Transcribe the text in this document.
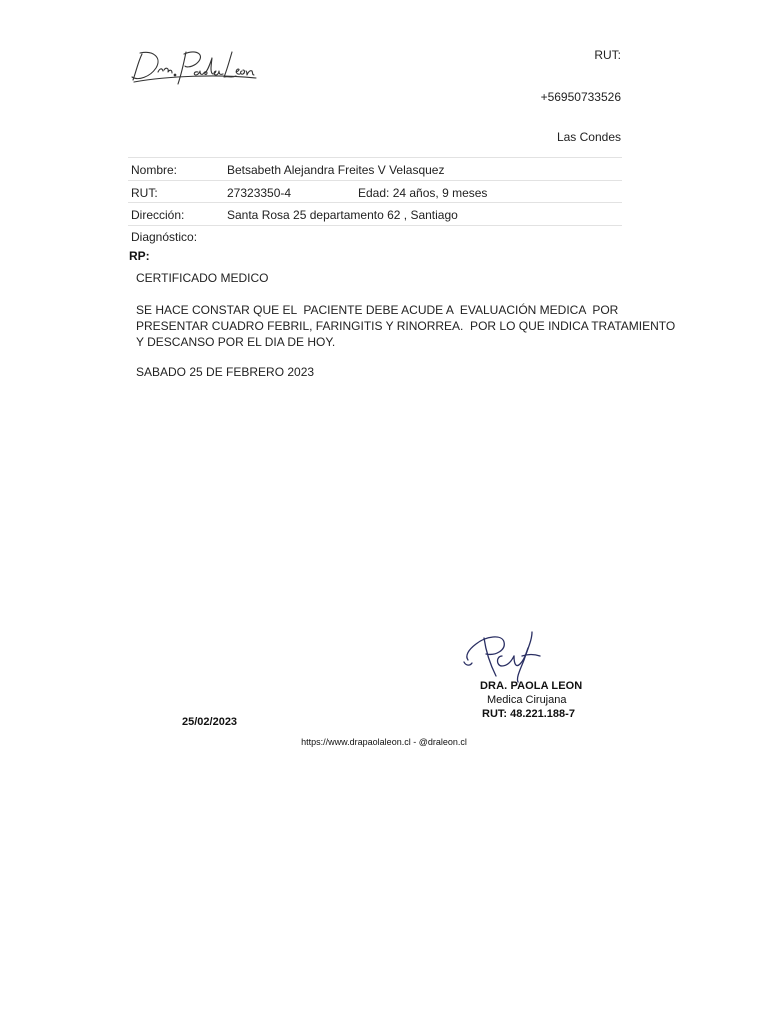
RUT:
+56950733526
Las Condes
Nombre:	Betsabeth Alejandra Freites V Velasquez
RUT:	27323350-4	Edad: 24 años, 9 meses
Dirección:	Santa Rosa 25 departamento 62 , Santiago
Diagnóstico:
RP:
CERTIFICADO MEDICO
SE HACE CONSTAR QUE EL  PACIENTE DEBE ACUDE A  EVALUACIÓN MEDICA  POR
PRESENTAR CUADRO FEBRIL, FARINGITIS Y RINORREA.  POR LO QUE INDICA TRATAMIENTO
Y DESCANSO POR EL DIA DE HOY.
SABADO 25 DE FEBRERO 2023
DRA. PAOLA LEON
Medica Cirujana
RUT: 48.221.188-7
25/02/2023
https://www.drapaolaleon.cl - @draleon.cl
